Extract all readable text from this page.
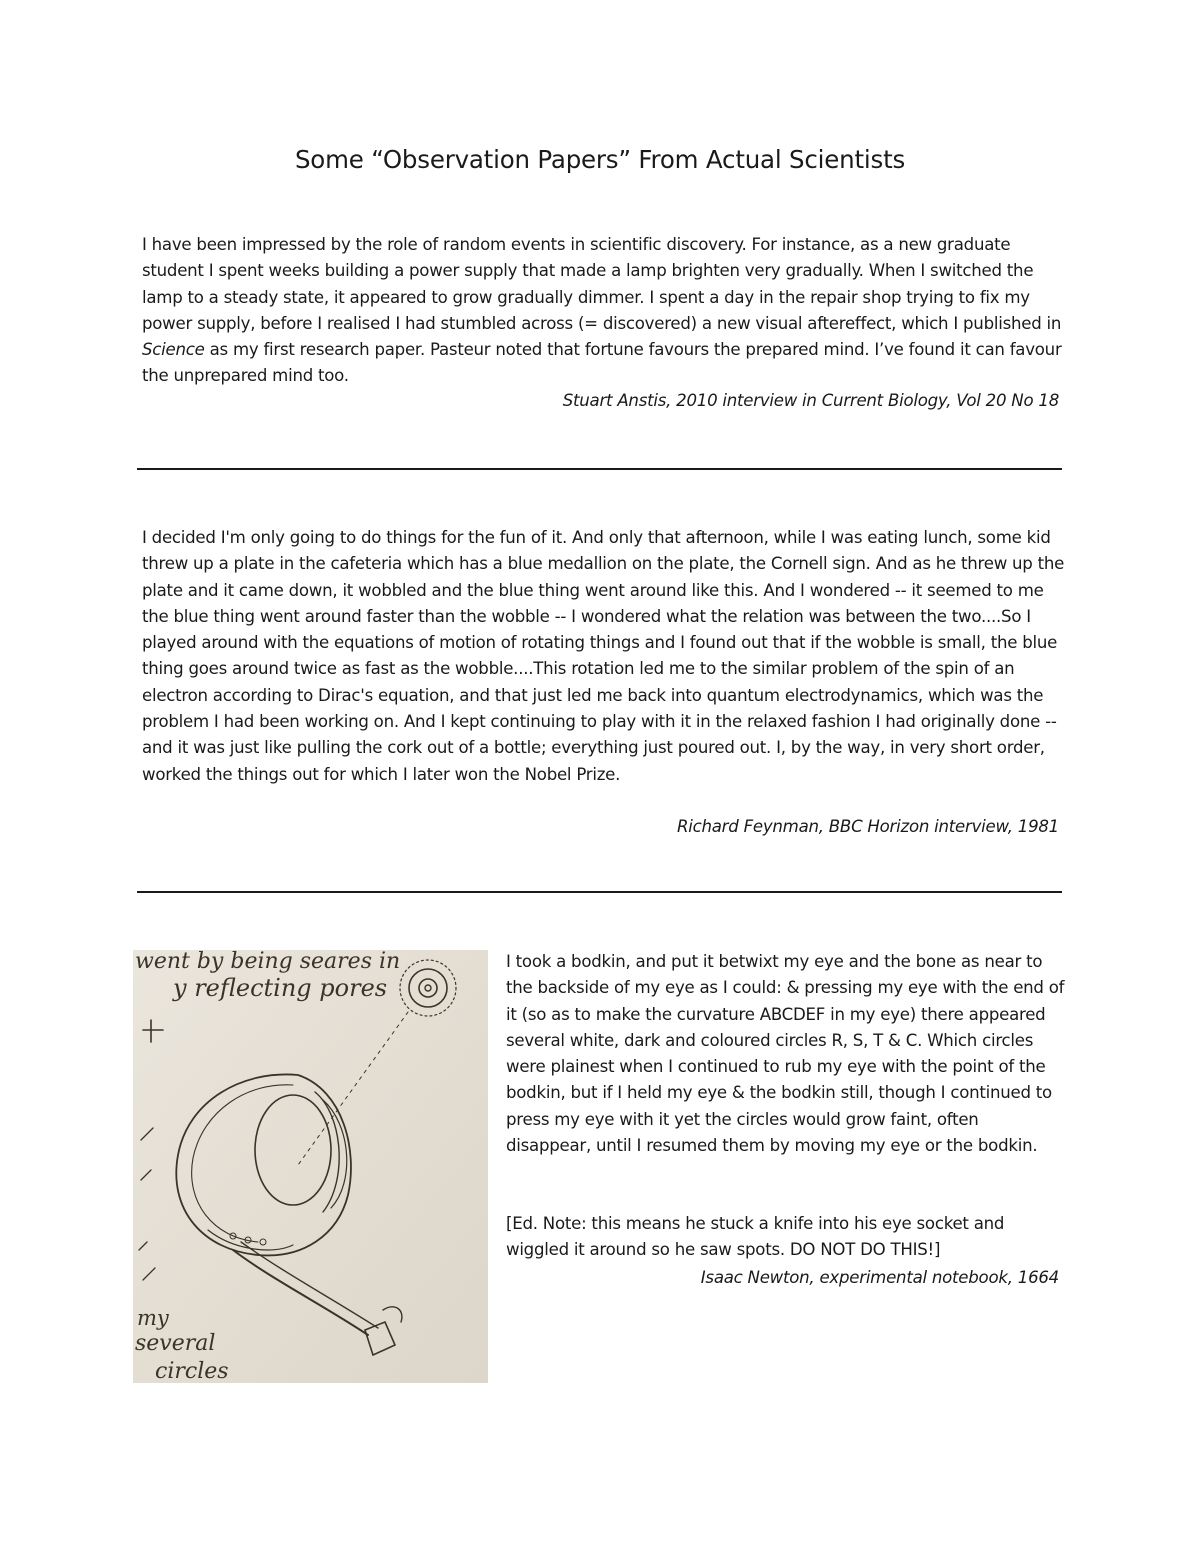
Some “Observation Papers” From Actual Scientists

I have been impressed by the role of random events in scientific discovery. For instance, as a new graduate student I spent weeks building a power supply that made a lamp brighten very gradually. When I switched the lamp to a steady state, it appeared to grow gradually dimmer. I spent a day in the repair shop trying to fix my power supply, before I realised I had stumbled across (= discovered) a new visual aftereffect, which I published in Science as my first research paper. Pasteur noted that fortune favours the prepared mind. I’ve found it can favour the unprepared mind too.

Stuart Anstis, 2010 interview in Current Biology, Vol 20 No 18

I decided I'm only going to do things for the fun of it. And only that afternoon, while I was eating lunch, some kid threw up a plate in the cafeteria which has a blue medallion on the plate, the Cornell sign. And as he threw up the plate and it came down, it wobbled and the blue thing went around like this. And I wondered -- it seemed to me the blue thing went around faster than the wobble -- I wondered what the relation was between the two....So I played around with the equations of motion of rotating things and I found out that if the wobble is small, the blue thing goes around twice as fast as the wobble....This rotation led me to the similar problem of the spin of an electron according to Dirac's equation, and that just led me back into quantum electrodynamics, which was the problem I had been working on. And I kept continuing to play with it in the relaxed fashion I had originally done -- and it was just like pulling the cork out of a bottle; everything just poured out. I, by the way, in very short order, worked the things out for which I later won the Nobel Prize.

Richard Feynman, BBC Horizon interview, 1981

went by being seares in
y reflecting pores
my
several
circles

I took a bodkin, and put it betwixt my eye and the bone as near to the backside of my eye as I could: & pressing my eye with the end of it (so as to make the curvature ABCDEF in my eye) there appeared several white, dark and coloured circles R, S, T & C. Which circles were plainest when I continued to rub my eye with the point of the bodkin, but if I held my eye & the bodkin still, though I continued to press my eye with it yet the circles would grow faint, often disappear, until I resumed them by moving my eye or the bodkin.

[Ed. Note: this means he stuck a knife into his eye socket and wiggled it around so he saw spots. DO NOT DO THIS!]

Isaac Newton, experimental notebook, 1664
